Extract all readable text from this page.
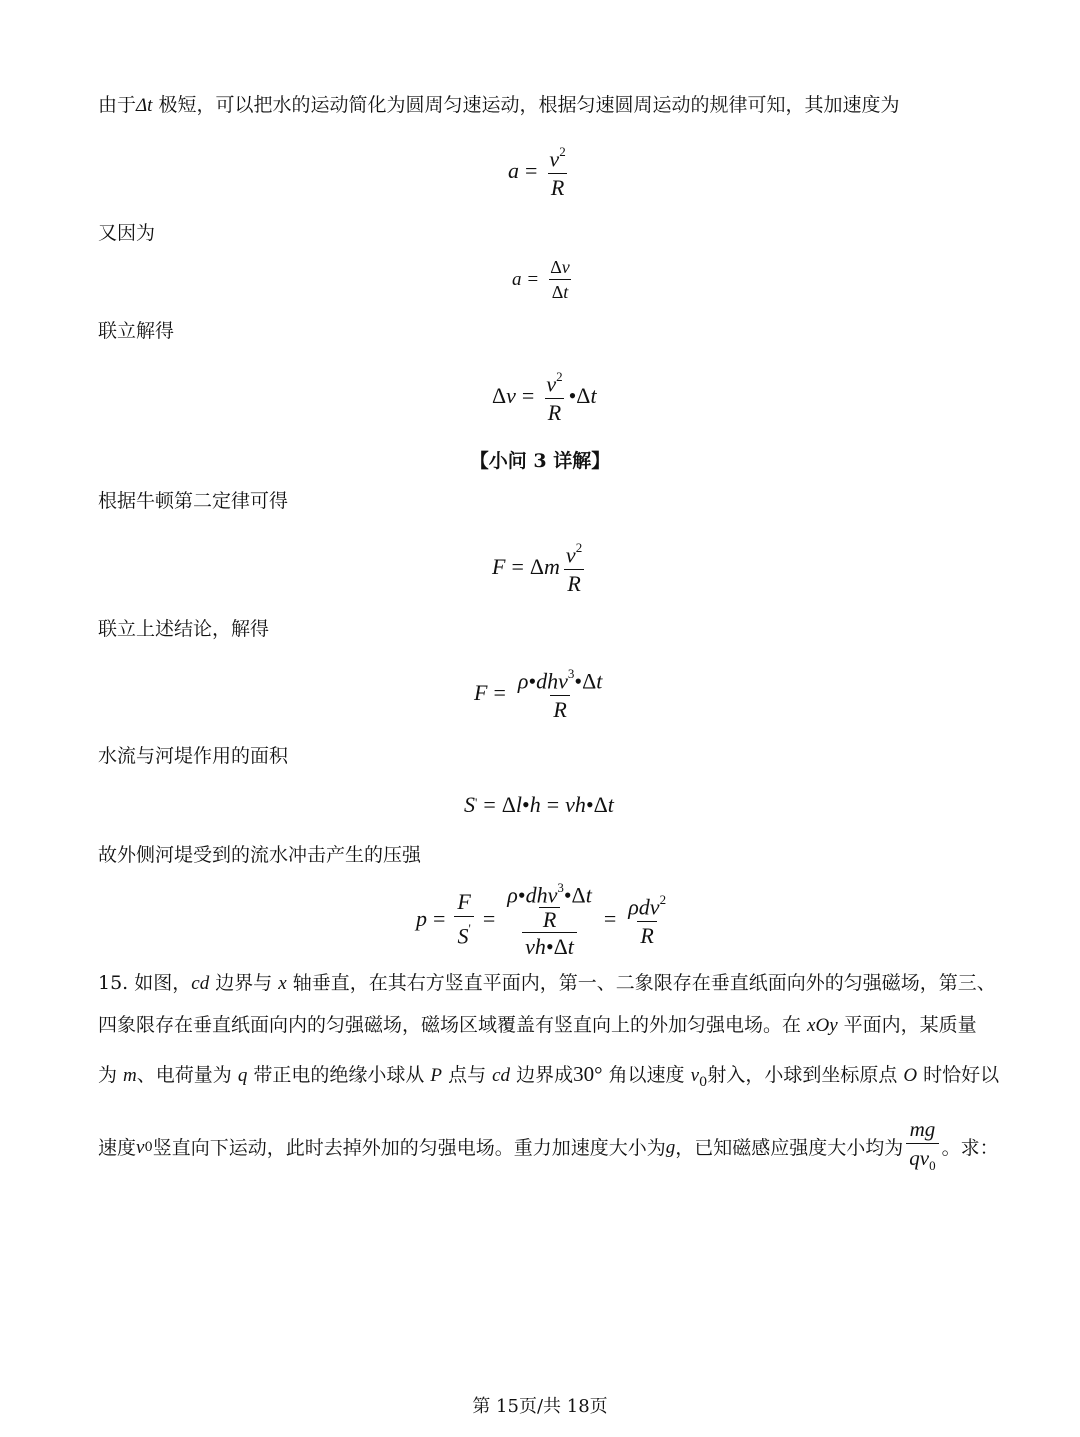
由于Δt 极短，可以把水的运动简化为圆周匀速运动，根据匀速圆周运动的规律可知，其加速度为
$a = \frac{v^2}{R}$
又因为
$a = \frac{\Delta v}{\Delta t}$
联立解得
Δ $v = \frac{v^2}{R}$ •Δ t
【小问 3 详解】
根据牛顿第二定律可得
F = Δ m $\frac{v^2}{R}$
联立上述结论，解得
$F = \frac{\rho•dhv^3•\Delta t}{R}$
水流与河堤作用的面积
S' = Δ l • h = vh •Δ t
故外侧河堤受到的流水冲击产生的压强
$p = \frac{F}{S'}$ = ρ•dhv$^3$•Δt
R
vh•Δt = $\frac{\rho dv^2}{R}$
15. 如图，cd 边界与 x 轴垂直，在其右方竖直平面内，第一、二象限存在垂直纸面向外的匀强磁场，第三、
四象限存在垂直纸面向内的匀强磁场，磁场区域覆盖有竖直向上的外加匀强电场。在 xOy 平面内，某质量
为 m、电荷量为 q 带正电的绝缘小球从 P 点与 cd 边界成30° 角以速度 $v_0$射入，小球到坐标原点 O 时恰好以
速度 v 0 竖直向下运动，此时去掉外加的匀强电场。重力加速度大小为 g ，已知磁感应强度大小均为 $\frac{mg}{qv_0}$ 。求：
第 15页/共 18页
